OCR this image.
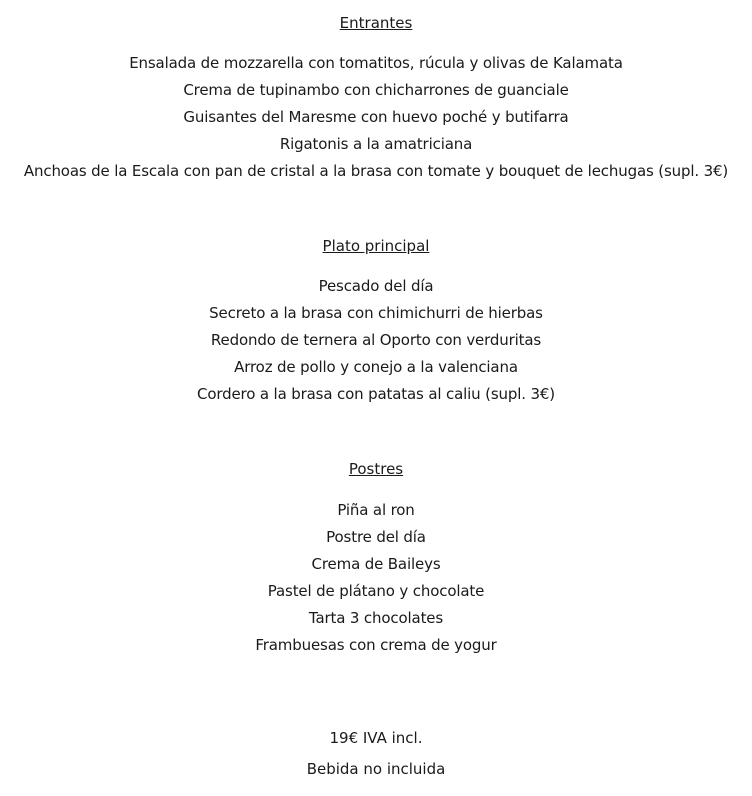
Entrantes
Ensalada de mozzarella con tomatitos, rúcula y olivas de Kalamata
Crema de tupinambo con chicharrones de guanciale
Guisantes del Maresme con huevo poché y butifarra
Rigatonis a la amatriciana
Anchoas de la Escala con pan de cristal a la brasa con tomate y bouquet de lechugas (supl. 3€)
Plato principal
Pescado del día
Secreto a la brasa con chimichurri de hierbas
Redondo de ternera al Oporto con verduritas
Arroz de pollo y conejo a la valenciana
Cordero a la brasa con patatas al caliu (supl. 3€)
Postres
Piña al ron
Postre del día
Crema de Baileys
Pastel de plátano y chocolate
Tarta 3 chocolates
Frambuesas con crema de yogur
19€ IVA incl.
Bebida no incluida
